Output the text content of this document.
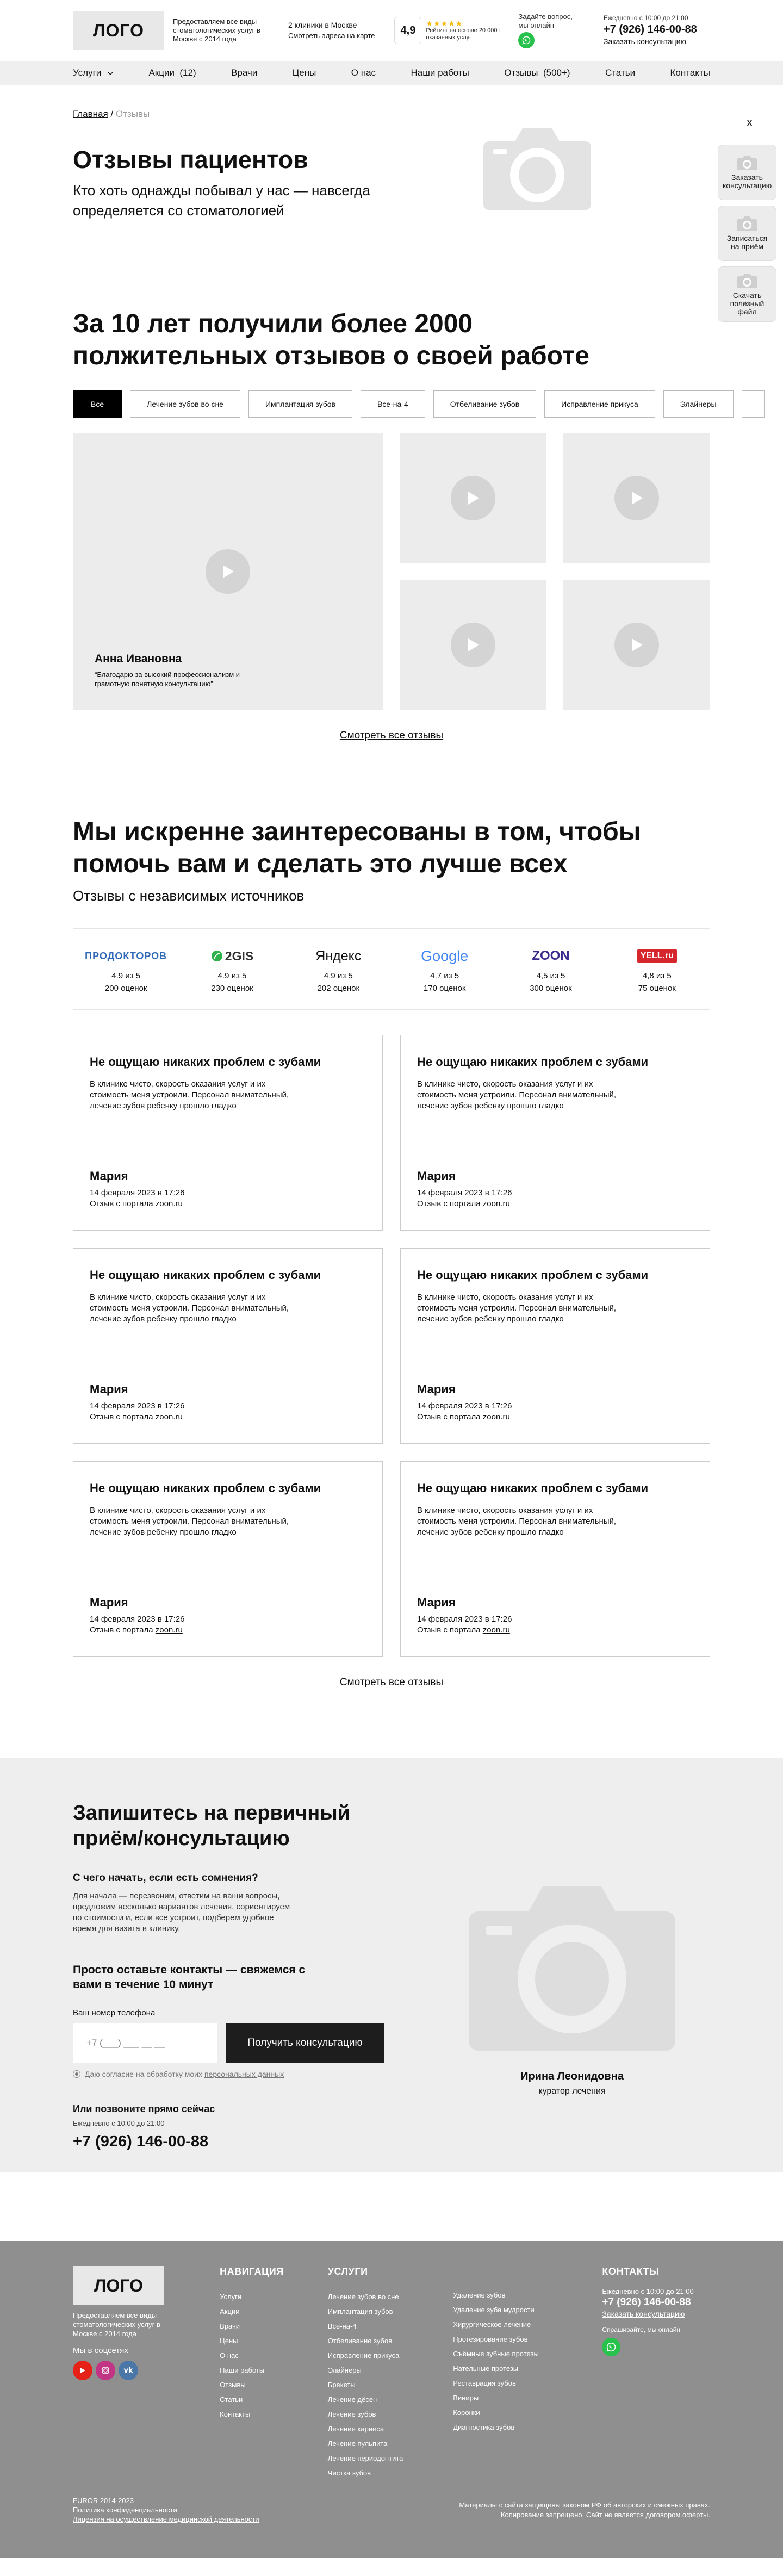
ЛОГО	Предоставляем все виды стоматологических услуг в Москве с 2014 года
2 клиники в Москве
Смотреть адреса на карте	4,9
★★★★★
Рейтинг на основе 20 000+ оказанных услуг
Задайте вопрос, мы онлайн
Ежедневно с 10:00 до 21:00
+7 (926) 146-00-88
Заказать консультацию
Услуги	Акции  (12)	Врачи	Цены	О нас	Наши работы	Отзывы  (500+)	Статьи	Контакты
Главная / Отзывы
Отзывы пациентов
Кто хоть однажды побывал у нас — навсегда определяется со стоматологией
x
Заказать консультацию
Записаться на приём
Скачать полезный файл
За 10 лет получили более 2000 полжительных отзывов о своей работе
Все	Лечение зубов во сне	Имплантация зубов	Все-на-4	Отбеливание зубов	Исправление прикуса	Элайнеры
Анна Ивановна
“Благодарю за высокий профессионализм и грамотную понятную консультацию”
Смотреть все отзывы
Мы искренне заинтересованы в том, чтобы помочь вам и сделать это лучше всех
Отзывы с независимых источников
ПРОДОКТОРОВ
4.9 из 5
200 оценок
2GIS
4.9 из 5
230 оценок
Яндекс
4.9 из 5
202 оценок
Google
4.7 из 5
170 оценок
ZOON
4,5 из 5
300 оценок
YELL.ru
4,8 из 5
75 оценок
Не ощущаю никаких проблем с зубами
В клинике чисто, скорость оказания услуг и их стоимость меня устроили. Персонал внимательный, лечение зубов ребенку прошло гладко
Мария
14 февраля 2023 в 17:26
Отзыв с портала zoon.ru
Не ощущаю никаких проблем с зубами
В клинике чисто, скорость оказания услуг и их стоимость меня устроили. Персонал внимательный, лечение зубов ребенку прошло гладко
Мария
14 февраля 2023 в 17:26
Отзыв с портала zoon.ru
Не ощущаю никаких проблем с зубами
В клинике чисто, скорость оказания услуг и их стоимость меня устроили. Персонал внимательный, лечение зубов ребенку прошло гладко
Мария
14 февраля 2023 в 17:26
Отзыв с портала zoon.ru
Не ощущаю никаких проблем с зубами
В клинике чисто, скорость оказания услуг и их стоимость меня устроили. Персонал внимательный, лечение зубов ребенку прошло гладко
Мария
14 февраля 2023 в 17:26
Отзыв с портала zoon.ru
Не ощущаю никаких проблем с зубами
В клинике чисто, скорость оказания услуг и их стоимость меня устроили. Персонал внимательный, лечение зубов ребенку прошло гладко
Мария
14 февраля 2023 в 17:26
Отзыв с портала zoon.ru
Не ощущаю никаких проблем с зубами
В клинике чисто, скорость оказания услуг и их стоимость меня устроили. Персонал внимательный, лечение зубов ребенку прошло гладко
Мария
14 февраля 2023 в 17:26
Отзыв с портала zoon.ru
Смотреть все отзывы
Запишитесь на первичный приём/консультацию
С чего начать, если есть сомнения?
Для начала — перезвоним, ответим на ваши вопросы, предложим несколько вариантов лечения, сориентируем по стоимости и, если все устроит, подберем удобное время для визита в клинику.
Просто оставьте контакты — свяжемся с вами в течение 10 минут
Ваш номер телефона
+7 (___) ___ __ __
Получить консультацию
Даю согласие на обработку моих персональных данных
Или позвоните прямо сейчас
Ежедневно с 10:00 до 21:00
+7 (926) 146-00-88
Ирина Леонидовна
куратор лечения
ЛОГО
Предоставляем все виды стоматологических услуг в Москве с 2014 года
Мы в соцсетях
vk
НАВИГАЦИЯ
Услуги
Акции
Врачи
Цены
О нас
Наши работы
Отзывы
Статьи
Контакты
УСЛУГИ
Лечение зубов во сне
Имплантация зубов
Все-на-4
Отбеливание зубов
Исправление прикуса
Элайнеры
Брекеты
Лечение дёсен
Лечение зубов
Лечение кариеса
Лечение пульпита
Лечение периодонтита
Чистка зубов
Удаление зубов
Удаление зуба мудрости
Хирургическое лечение
Протезирование зубов
Съёмные зубные протезы
Нательные протезы
Реставрация зубов
Виниры
Коронки
Диагностика зубов
КОНТАКТЫ
Ежедневно с 10:00 до 21:00
+7 (926) 146-00-88
Заказать консультацию
Спрашивайте, мы онлайн
FUROR 2014-2023
Политика конфиденциальности
Лицензия на осуществление медицинской деятельности
Материалы с сайта защищены законом РФ об авторских и смежных правах. Копирование запрещено. Сайт не является договором оферты.
